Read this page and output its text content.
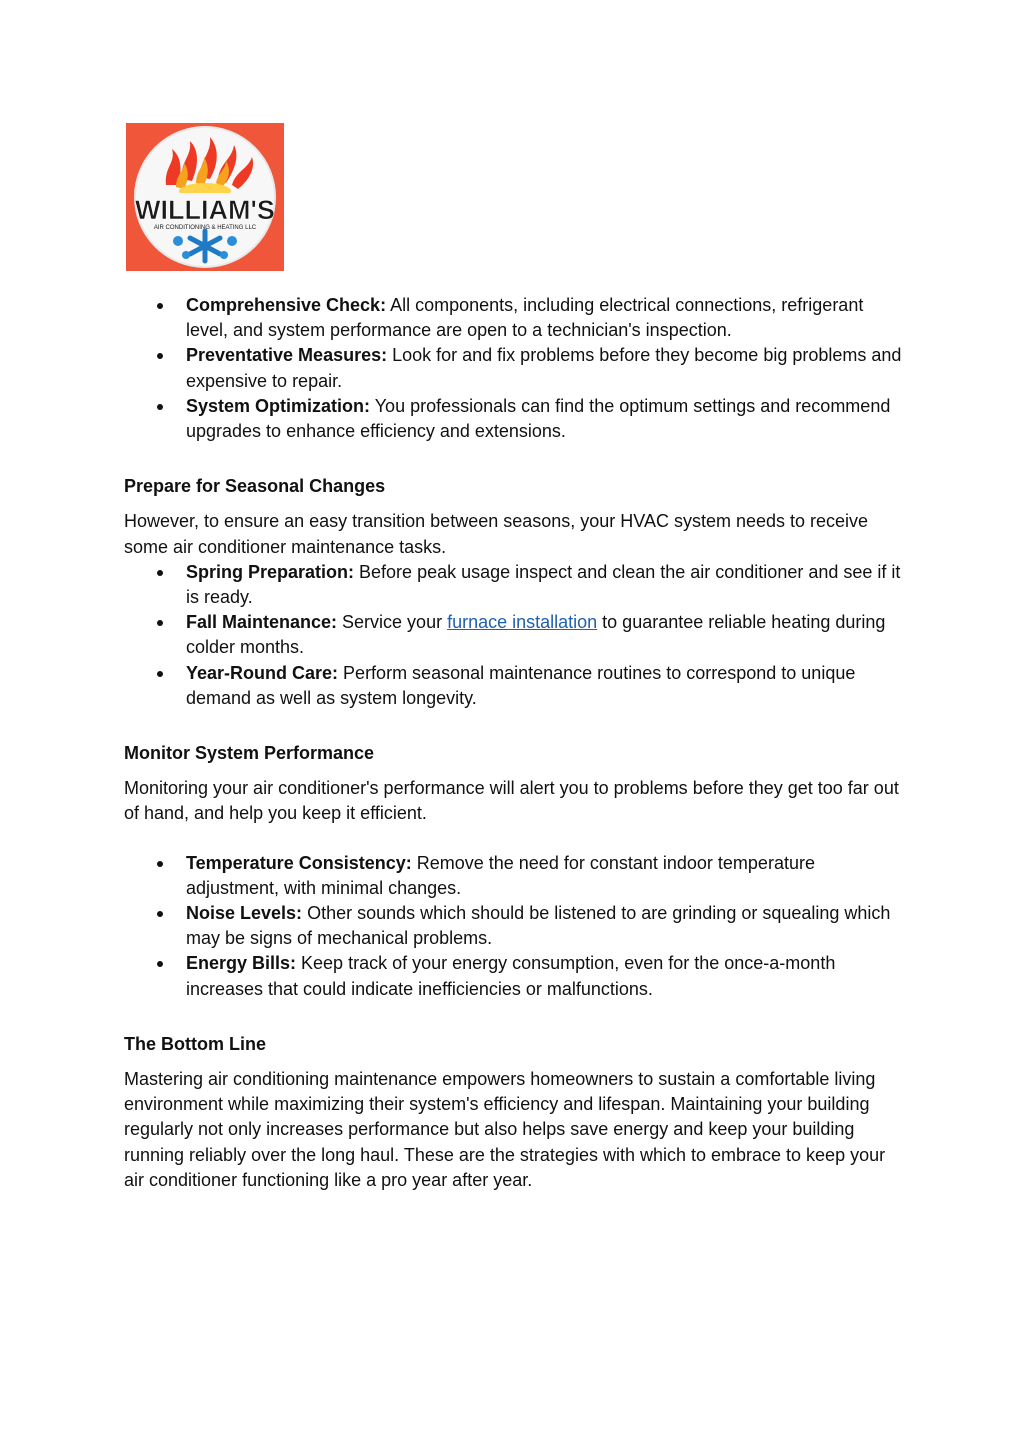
WILLIAM'S
AIR CONDITIONING & HEATING LLC
Comprehensive Check: All components, including electrical connections, refrigerant level, and system performance are open to a technician's inspection.
Preventative Measures: Look for and fix problems before they become big problems and expensive to repair.
System Optimization: You professionals can find the optimum settings and recommend upgrades to enhance efficiency and extensions.

Prepare for Seasonal Changes

However, to ensure an easy transition between seasons, your HVAC system needs to receive some air conditioner maintenance tasks.

Spring Preparation: Before peak usage inspect and clean the air conditioner and see if it is ready.
Fall Maintenance: Service your furnace installation to guarantee reliable heating during colder months.
Year-Round Care: Perform seasonal maintenance routines to correspond to unique demand as well as system longevity.

Monitor System Performance

Monitoring your air conditioner's performance will alert you to problems before they get too far out of hand, and help you keep it efficient.

Temperature Consistency: Remove the need for constant indoor temperature adjustment, with minimal changes.
Noise Levels: Other sounds which should be listened to are grinding or squealing which may be signs of mechanical problems.
Energy Bills: Keep track of your energy consumption, even for the once-a-month increases that could indicate inefficiencies or malfunctions.

The Bottom Line

Mastering air conditioning maintenance empowers homeowners to sustain a comfortable living environment while maximizing their system's efficiency and lifespan. Maintaining your building regularly not only increases performance but also helps save energy and keep your building running reliably over the long haul. These are the strategies with which to embrace to keep your air conditioner functioning like a pro year after year.
